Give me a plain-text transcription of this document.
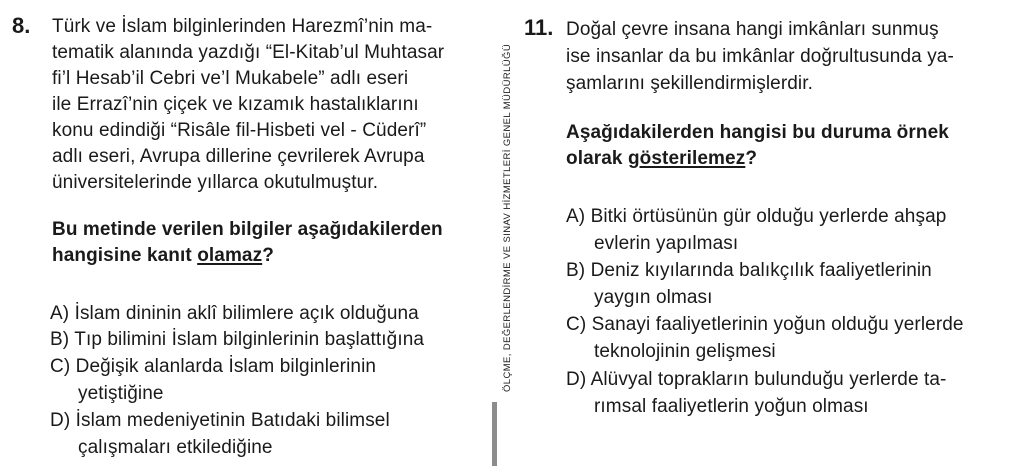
8. Türk ve İslam bilginlerinden Harezmî’nin ma-
tematik alanında yazdığı “El-Kitab’ul Muhtasar
fi’l Hesab’il Cebri ve’l Mukabele” adlı eseri
ile Errazî’nin çiçek ve kızamık hastalıklarını
konu edindiği “Risâle fil-Hisbeti vel - Cüderî”
adlı eseri, Avrupa dillerine çevrilerek Avrupa
üniversitelerinde yıllarca okutulmuştur.
Bu metinde verilen bilgiler aşağıdakilerden
hangisine kanıt olamaz?
A) İslam dininin aklî bilimlere açık olduğuna
B) Tıp bilimini İslam bilginlerinin başlattığına
C) Değişik alanlarda İslam bilginlerinin
yetiştiğine
D) İslam medeniyetinin Batıdaki bilimsel
çalışmaları etkilediğine
ÖLÇME, DEĞERLENDİRME VE SINAV HİZMETLERİ GENEL MÜDÜRLÜĞÜ
11. Doğal çevre insana hangi imkânları sunmuş
ise insanlar da bu imkânlar doğrultusunda ya-
şamlarını şekillendirmişlerdir.
Aşağıdakilerden hangisi bu duruma örnek
olarak gösterilemez?
A) Bitki örtüsünün gür olduğu yerlerde ahşap
evlerin yapılması
B) Deniz kıyılarında balıkçılık faaliyetlerinin
yaygın olması
C) Sanayi faaliyetlerinin yoğun olduğu yerlerde
teknolojinin gelişmesi
D) Alüvyal toprakların bulunduğu yerlerde ta-
rımsal faaliyetlerin yoğun olması
